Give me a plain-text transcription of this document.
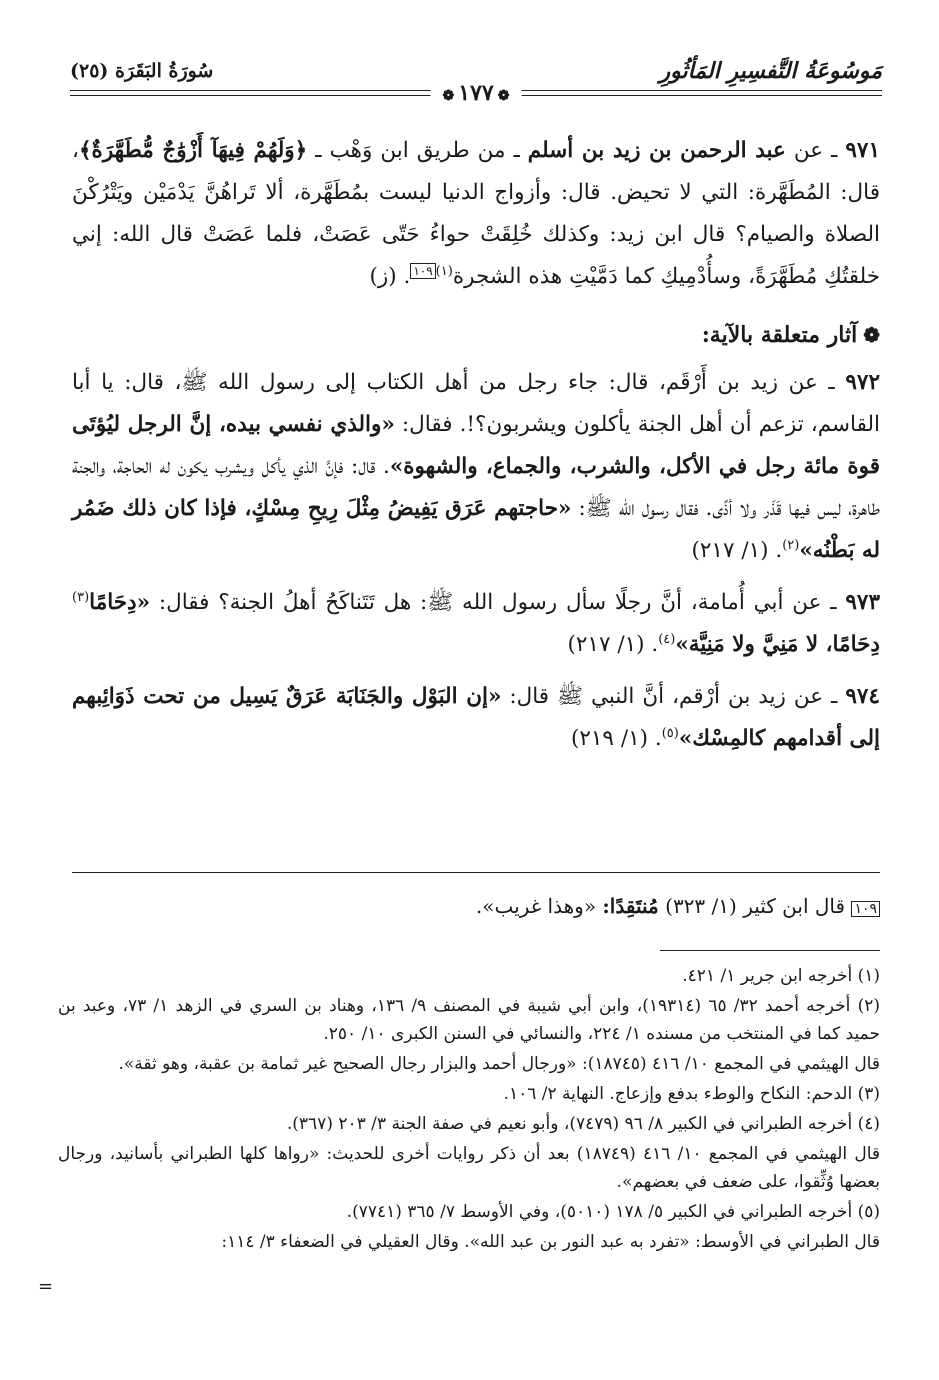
مَوسُوعَةُ التَّفسِيرِ المَأثُورِ
❁١٧٧❁
سُورَةُ البَقَرَة (٢٥)

٩٧١ ـ عن عبد الرحمن بن زيد بن أسلم ـ من طريق ابن وَهْب ـ ﴿وَلَهُمْ فِيهَآ أَزْوَٰجٌ مُّطَهَّرَةٌ﴾، قال: المُطَهَّرة: التي لا تحيض. قال: وأزواج الدنيا ليست بمُطَهَّرة، ألا تَراهُنَّ يَدْمَيْن ويَتْرُكْنَ الصلاة والصيام؟ قال ابن زيد: وكذلك خُلِقَتْ حواءُ حَتّى عَصَتْ، فلما عَصَتْ قال الله: إني خلقتُكِ مُطَهَّرَةً، وسأُدْمِيكِ كما دَمَّيْتِ هذه الشجرة$^{(١)}$١٠٩. (ز)

❁آثار متعلقة بالآية:

٩٧٢ ـ عن زيد بن أَرْقَم، قال: جاء رجل من أهل الكتاب إلى رسول الله ﷺ، قال: يا أبا القاسم، تزعم أن أهل الجنة يأكلون ويشربون؟!. فقال: «والذي نفسي بيده، إنَّ الرجل ليُؤتَى قوة مائة رجل في الأكل، والشرب، والجماع، والشهوة». قال: فإنَّ الذي يأكل ويشرب يكون له الحاجة، والجنة طاهرة، ليس فيها قَذَر ولا أذًى. فقال رسول الله ﷺ: «حاجتهم عَرَق يَفِيضُ مِثْلَ رِيحِ مِسْكٍ، فإذا كان ذلك ضَمُر له بَطْنُه»$^{(٢)}$. (١/ ٢١٧)

٩٧٣ ـ عن أبي أُمامة، أنَّ رجلًا سأل رسول الله ﷺ: هل تَتَناكَحُ أهلُ الجنة؟ فقال: «دِحَامًا$^{(٣)}$ دِحَامًا، لا مَنِيَّ ولا مَنِيَّة»$^{(٤)}$. (١/ ٢١٧)

٩٧٤ ـ عن زيد بن أرْقم، أنَّ النبي ﷺ قال: «إن البَوْل والجَنَابَة عَرَقٌ يَسِيل من تحت ذَوَائِبهم إلى أقدامهم كالمِسْك»$^{(٥)}$. (١/ ٢١٩)

١٠٩ قال ابن كثير (١/ ٣٢٣) مُنتَقِدًا: «وهذا غريب».

(١) أخرجه ابن جرير ١/ ٤٢١.

(٢) أخرجه أحمد ٣٢/ ٦٥ (١٩٣١٤)، وابن أبي شيبة في المصنف ٩/ ١٣٦، وهناد بن السري في الزهد ١/ ٧٣، وعبد بن حميد كما في المنتخب من مسنده ١/ ٢٢٤، والنسائي في السنن الكبرى ١٠/ ٢٥٠.

قال الهيثمي في المجمع ١٠/ ٤١٦ (١٨٧٤٥): «ورجال أحمد والبزار رجال الصحيح غير ثمامة بن عقبة، وهو ثقة».

(٣) الدحم: النكاح والوطء بدفع وإزعاج. النهاية ٢/ ١٠٦.

(٤) أخرجه الطبراني في الكبير ٨/ ٩٦ (٧٤٧٩)، وأبو نعيم في صفة الجنة ٣/ ٢٠٣ (٣٦٧).

قال الهيثمي في المجمع ١٠/ ٤١٦ (١٨٧٤٩) بعد أن ذكر روايات أخرى للحديث: «رواها كلها الطبراني بأسانيد، ورجال بعضها وُثِّقوا، على ضعف في بعضهم».

(٥) أخرجه الطبراني في الكبير ٥/ ١٧٨ (٥٠١٠)، وفي الأوسط ٧/ ٣٦٥ (٧٧٤١).

قال الطبراني في الأوسط: «تفرد به عبد النور بن عبد الله». وقال العقيلي في الضعفاء ٣/ ١١٤:

=
